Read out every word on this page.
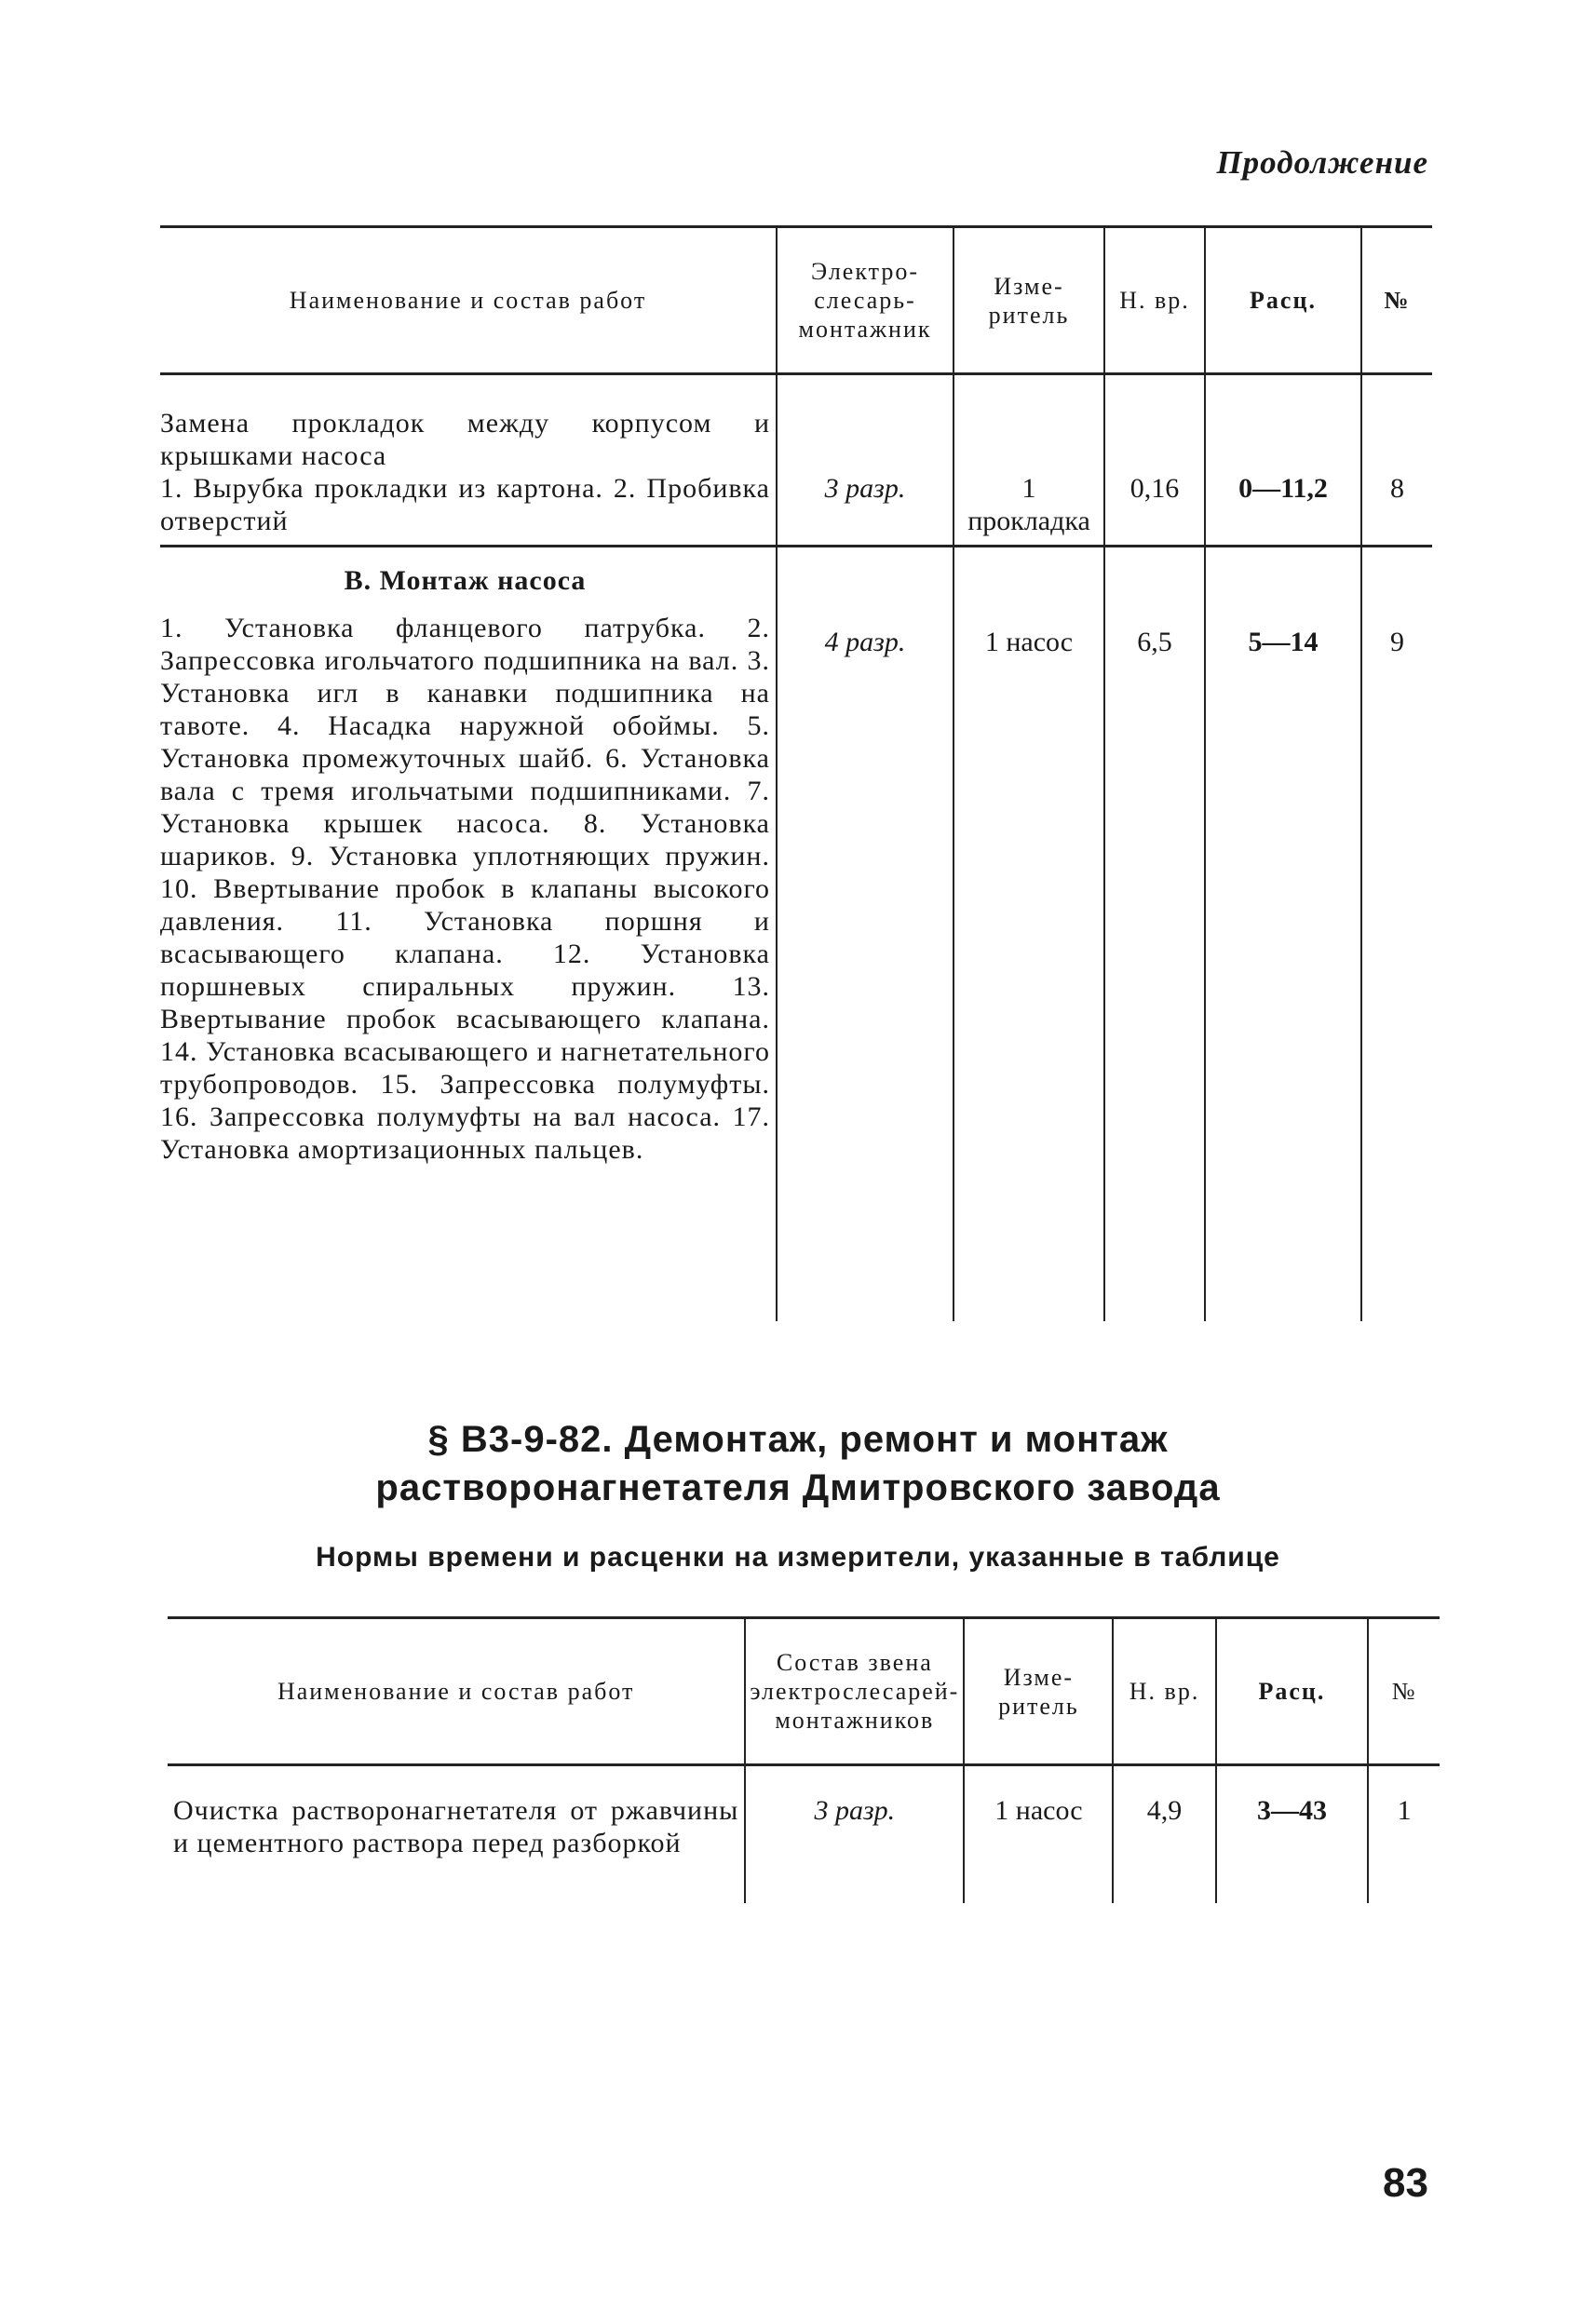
Продолжение
Наименование и состав работ	Электро-слесарь-монтажник	Изме-ритель	Н. вр.	Расц.	№

Замена прокладок между корпусом и крышками насоса

1. Вырубка прокладки из картона. 2. Пробивка отверстий	3 разр.	1 прокладка	0,16	0—11,2	8

В. Монтаж насоса

1. Установка фланцевого патрубка. 2. Запрессовка игольчатого подшипника на вал. 3. Установка игл в канавки подшипника на тавоте. 4. Насадка наружной обоймы. 5. Установка промежуточных шайб. 6. Установка вала с тремя игольчатыми подшипниками. 7. Установка крышек насоса. 8. Установка шариков. 9. Установка уплотняющих пружин. 10. Ввертывание пробок в клапаны высокого давления. 11. Установка поршня и всасывающего клапана. 12. Установка поршневых спиральных пружин. 13. Ввертывание пробок всасывающего клапана. 14. Установка всасывающего и нагнетательного трубопроводов. 15. Запрессовка полумуфты. 16. Запрессовка полумуфты на вал насоса. 17. Установка амортизационных пальцев.	4 разр.	1 насос	6,5	5—14	9
§ В3-9-82. Демонтаж, ремонт и монтаж
растворонагнетателя Дмитровского завода
Нормы времени и расценки на измерители, указанные в таблице
Наименование и состав работ	Состав звена электрослесарей-монтажников	Изме-ритель	Н. вр.	Расц.	№
Очистка растворонагнетателя от ржавчины и цементного раствора перед разборкой	3 разр.	1 насос	4,9	3—43	1
83
